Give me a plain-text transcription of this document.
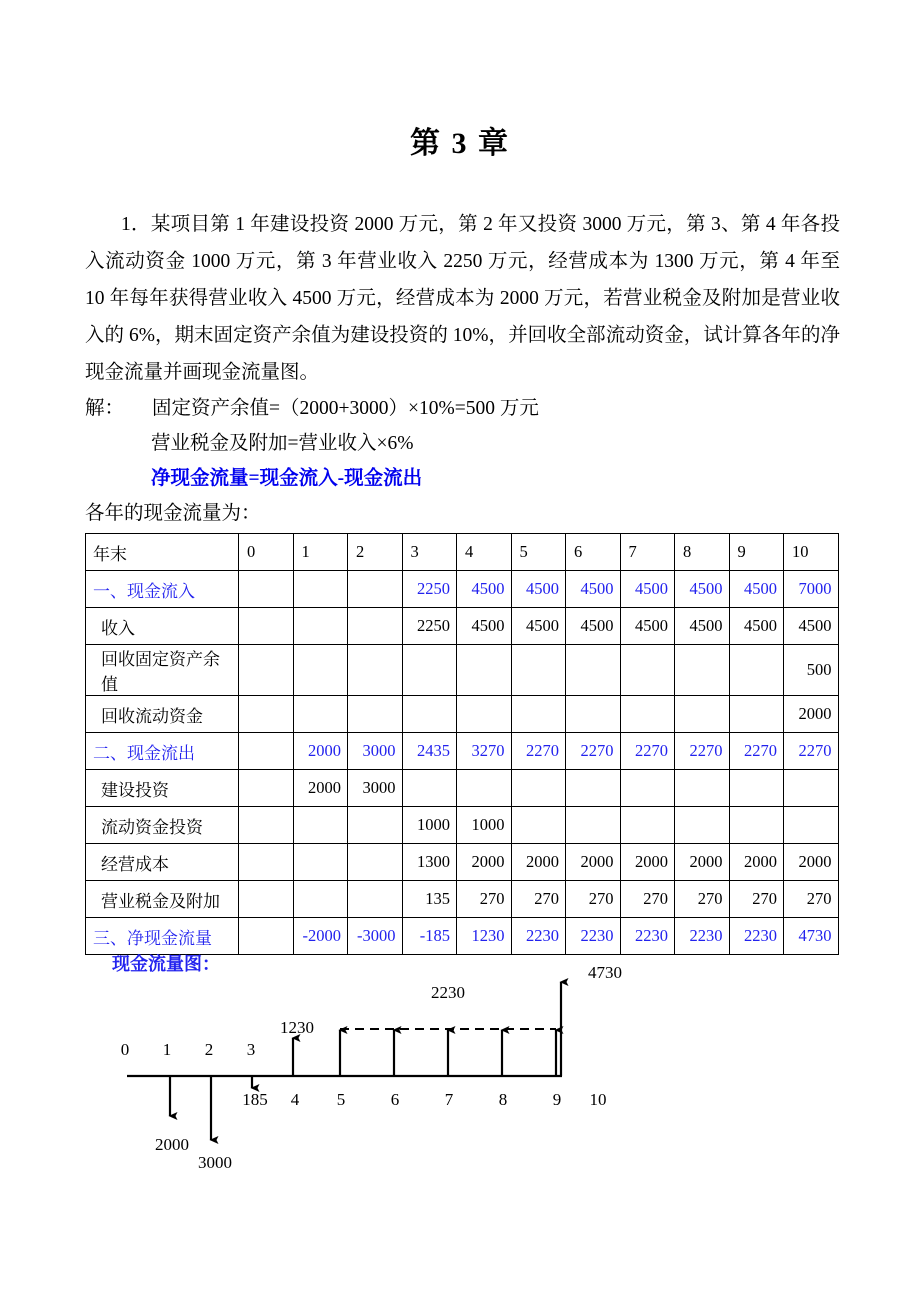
第 3 章

1．某项目第 1 年建设投资 2000 万元，第 2 年又投资 3000 万元，第 3、第 4 年各投入流动资金 1000 万元，第 3 年营业收入 2250 万元，经营成本为 1300 万元，第 4 年至 10 年每年获得营业收入 4500 万元，经营成本为 2000 万元，若营业税金及附加是营业收入的 6%，期末固定资产余值为建设投资的 10%，并回收全部流动资金，试计算各年的净现金流量并画现金流量图。

解： 固定资产余值=（2000+3000）×10%=500 万元

营业税金及附加=营业收入×6%

净现金流量=现金流入-现金流出

各年的现金流量为：

年末	0	1	2	3	4	5	6	7	8	9	10
一、现金流入				2250	4500	4500	4500	4500	4500	4500	7000
收入				2250	4500	4500	4500	4500	4500	4500	4500
回收固定资产余值											500
回收流动资金											2000
二、现金流出		2000	3000	2435	3270	2270	2270	2270	2270	2270	2270
建设投资		2000	3000								
流动资金投资				1000	1000						
经营成本				1300	2000	2000	2000	2000	2000	2000	2000
营业税金及附加				135	270	270	270	270	270	270	270
三、净现金流量		-2000	-3000	-185	1230	2230	2230	2230	2230	2230	4730
现金流量图：
0 1 2 3
4 5	6	7	8	9 10
2000
3000
185
1230
2230
4730
